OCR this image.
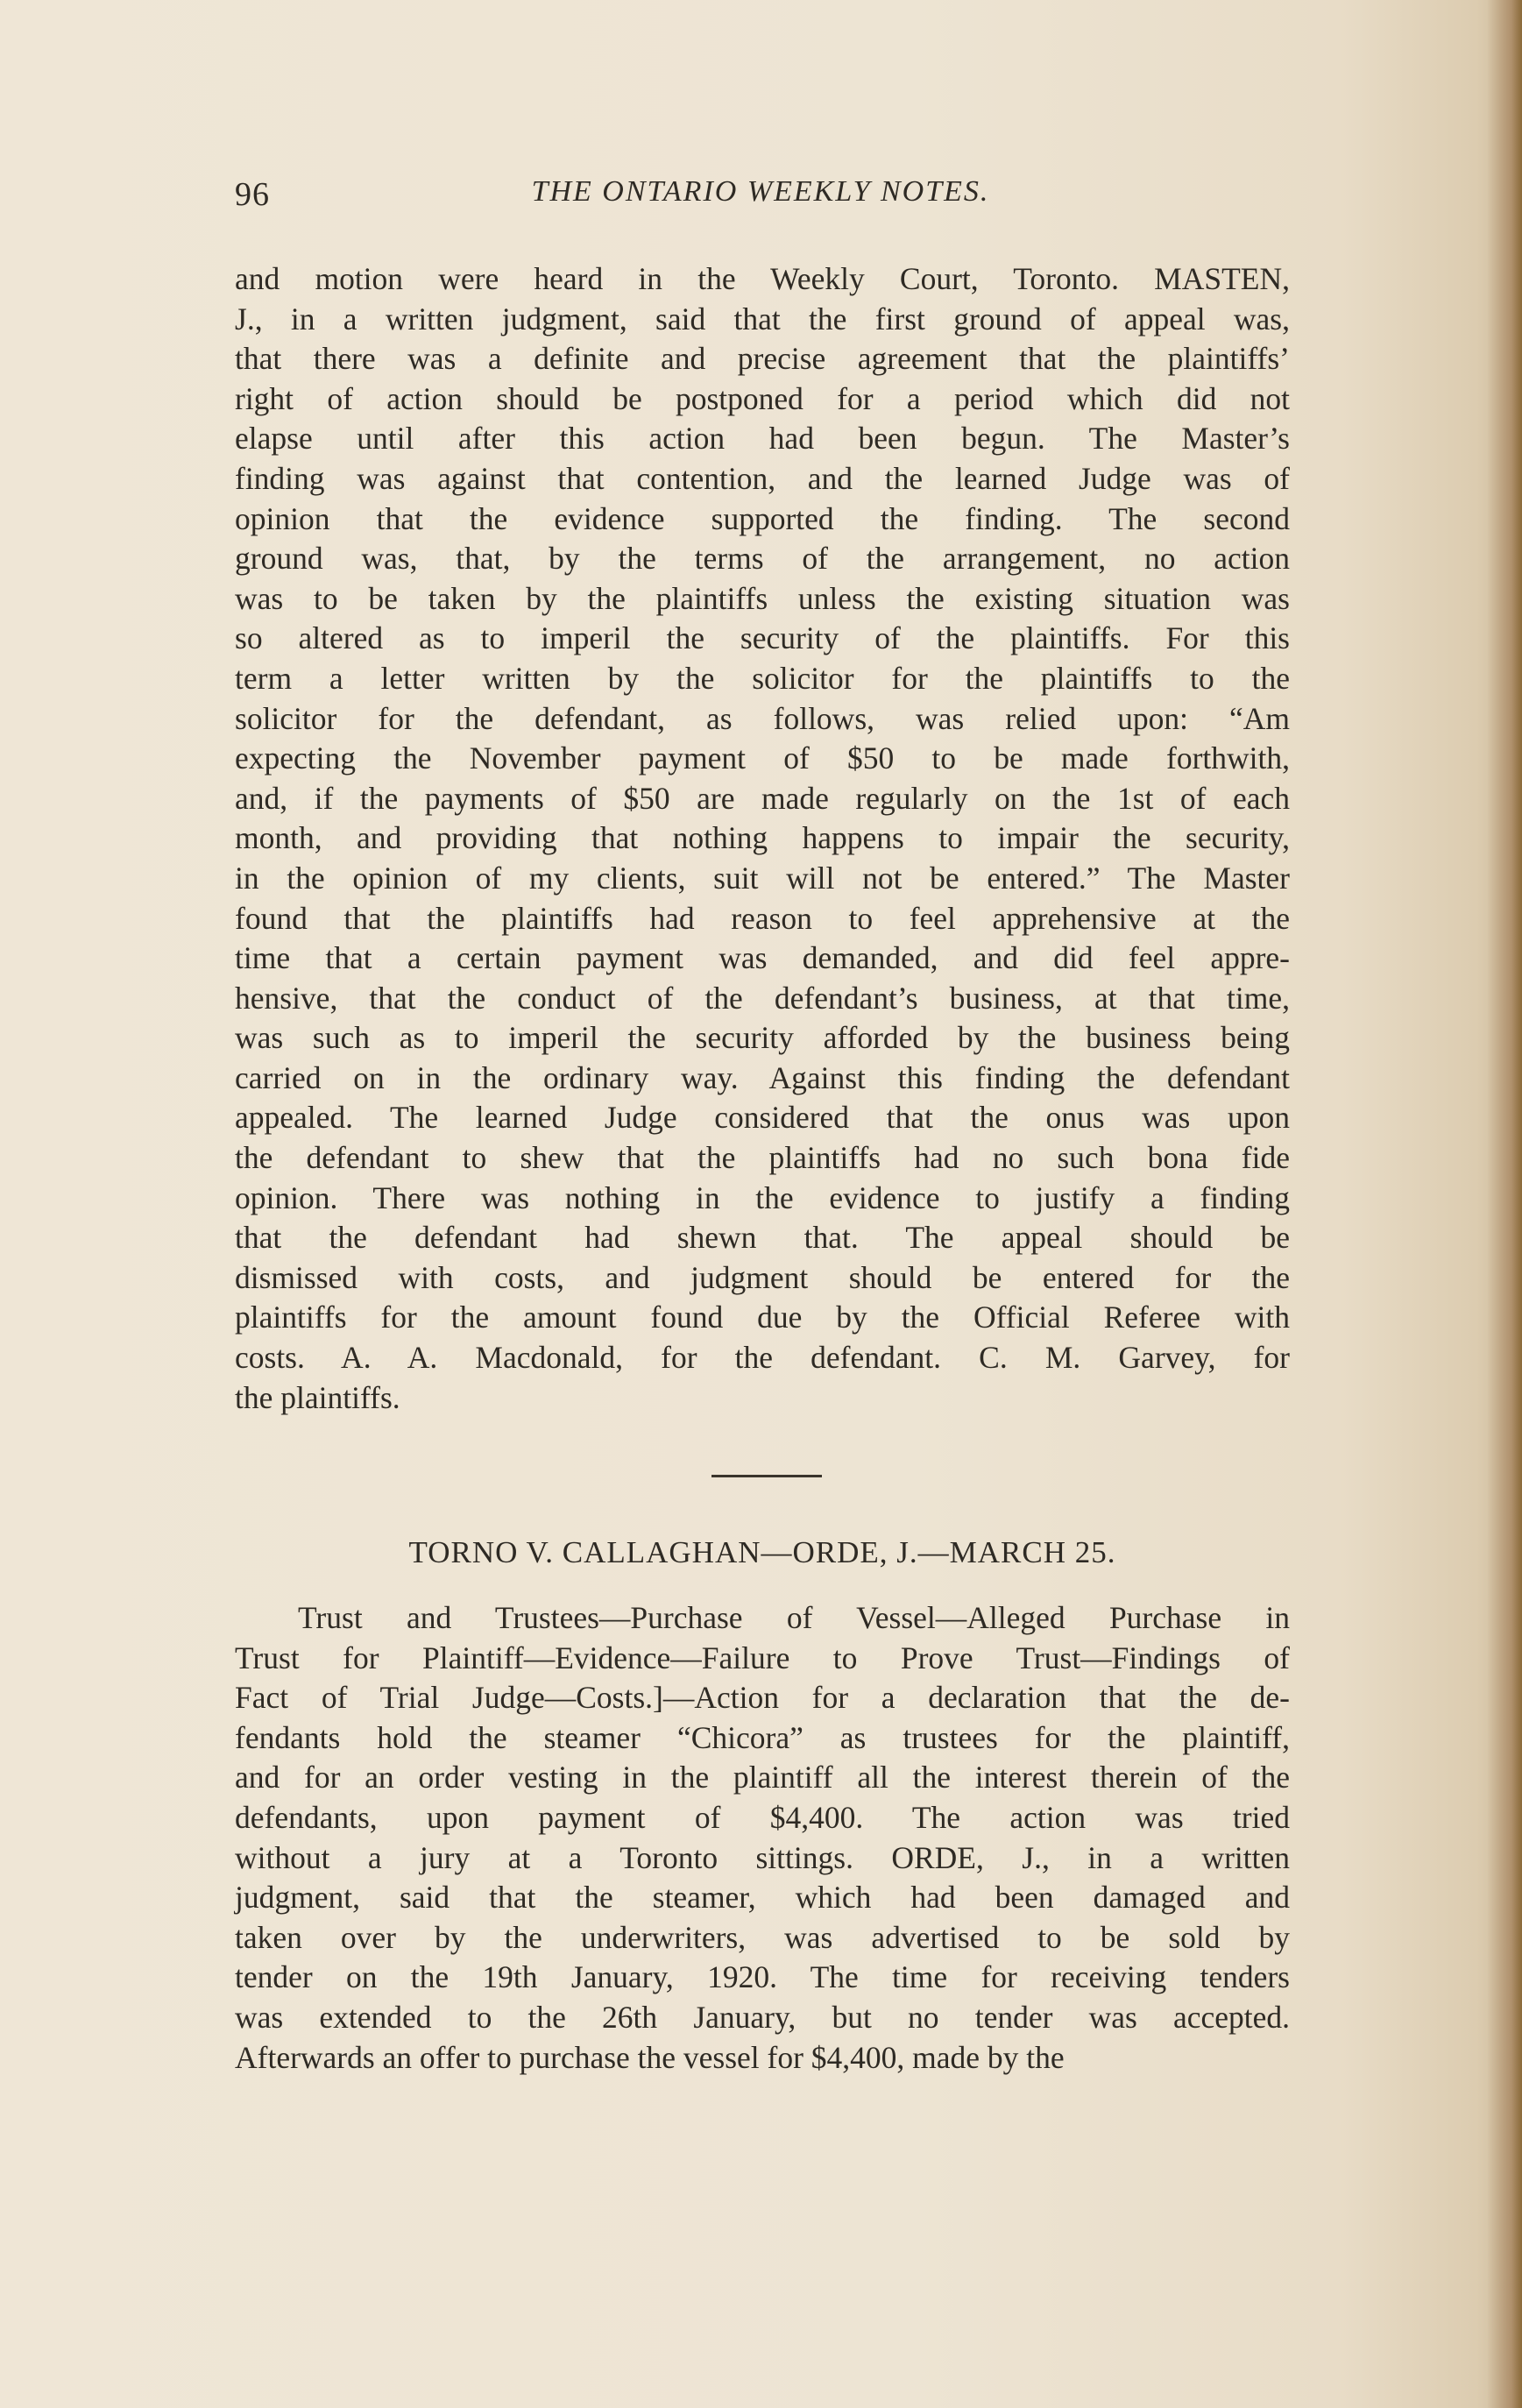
96	THE ONTARIO WEEKLY NOTES.
and motion were heard in the Weekly Court, Toronto. MASTEN,
J., in a written judgment, said that the first ground of appeal was,
that there was a definite and precise agreement that the plaintiffs’
right of action should be postponed for a period which did not
elapse until after this action had been begun. The Master’s
finding was against that contention, and the learned Judge was of
opinion that the evidence supported the finding. The second
ground was, that, by the terms of the arrangement, no action
was to be taken by the plaintiffs unless the existing situation was
so altered as to imperil the security of the plaintiffs. For this
term a letter written by the solicitor for the plaintiffs to the
solicitor for the defendant, as follows, was relied upon: “Am
expecting the November payment of $50 to be made forthwith,
and, if the payments of $50 are made regularly on the 1st of each
month, and providing that nothing happens to impair the security,
in the opinion of my clients, suit will not be entered.” The Master
found that the plaintiffs had reason to feel apprehensive at the
time that a certain payment was demanded, and did feel appre-
hensive, that the conduct of the defendant’s business, at that time,
was such as to imperil the security afforded by the business being
carried on in the ordinary way. Against this finding the defendant
appealed. The learned Judge considered that the onus was upon
the defendant to shew that the plaintiffs had no such bona fide
opinion. There was nothing in the evidence to justify a finding
that the defendant had shewn that. The appeal should be
dismissed with costs, and judgment should be entered for the
plaintiffs for the amount found due by the Official Referee with
costs. A. A. Macdonald, for the defendant. C. M. Garvey, for
the plaintiffs.
TORNO V. CALLAGHAN—ORDE, J.—MARCH 25.
Trust and Trustees—Purchase of Vessel—Alleged Purchase in
Trust for Plaintiff—Evidence—Failure to Prove Trust—Findings of
Fact of Trial Judge—Costs.]—Action for a declaration that the de-
fendants hold the steamer “Chicora” as trustees for the plaintiff,
and for an order vesting in the plaintiff all the interest therein of the
defendants, upon payment of $4,400. The action was tried
without a jury at a Toronto sittings. ORDE, J., in a written
judgment, said that the steamer, which had been damaged and
taken over by the underwriters, was advertised to be sold by
tender on the 19th January, 1920. The time for receiving tenders
was extended to the 26th January, but no tender was accepted.
Afterwards an offer to purchase the vessel for $4,400, made by the
